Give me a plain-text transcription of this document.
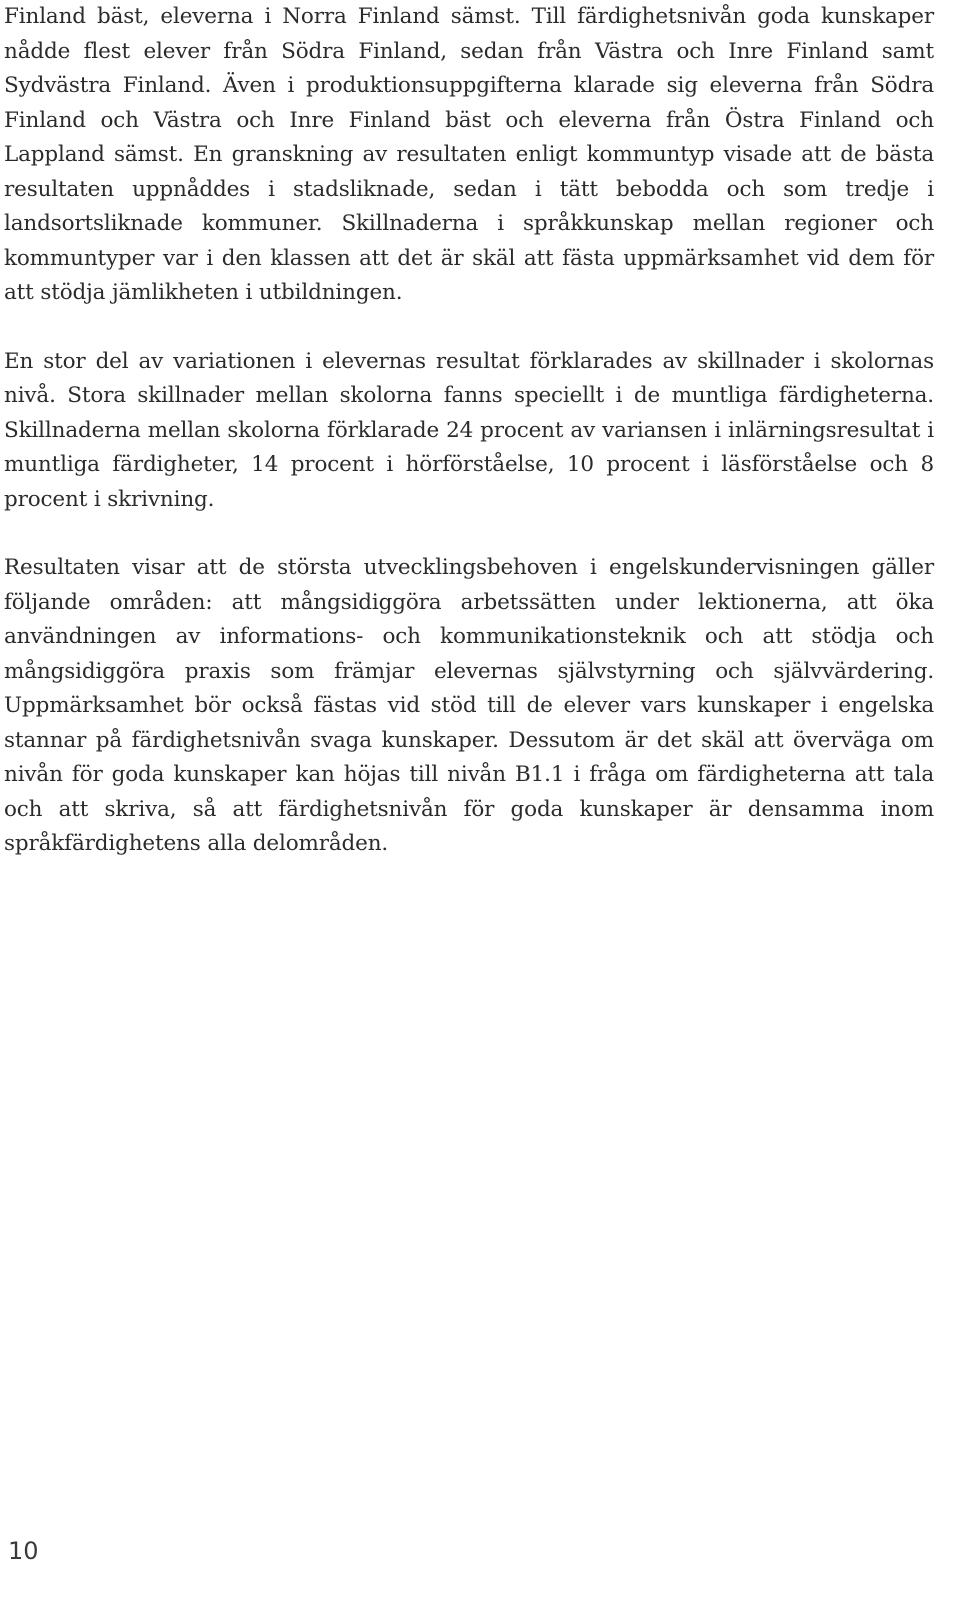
Finland bäst, eleverna i Norra Finland sämst. Till färdighetsnivån goda kunskaper nådde flest elever från Södra Finland, sedan från Västra och Inre Finland samt Sydvästra Finland. Även i produktionsuppgifterna klarade sig eleverna från Södra Finland och Västra och Inre Finland bäst och eleverna från Östra Finland och Lappland sämst. En granskning av resultaten enligt kommuntyp visade att de bästa resultaten uppnåddes i stadsliknade, sedan i tätt bebodda och som tredje i landsortsliknade kommuner. Skillnaderna i språkkunskap mellan regioner och kommuntyper var i den klassen att det är skäl att fästa uppmärksamhet vid dem för att stödja jämlikheten i utbildningen.

En stor del av variationen i elevernas resultat förklarades av skillnader i skolornas nivå. Stora skillnader mellan skolorna fanns speciellt i de muntliga färdigheterna. Skillnaderna mellan skolorna förklarade 24 procent av variansen i inlärningsresultat i muntliga färdigheter, 14 procent i hörförståelse, 10 procent i läsförståelse och 8 procent i skrivning.

Resultaten visar att de största utvecklingsbehoven i engelskundervisningen gäller följande områden: att mångsidiggöra arbetssätten under lektionerna, att öka användningen av informations- och kommunikationsteknik och att stödja och mångsidiggöra praxis som främjar elevernas självstyrning och självvärdering. Uppmärksamhet bör också fästas vid stöd till de elever vars kunskaper i engelska stannar på färdighetsnivån svaga kunskaper. Dessutom är det skäl att överväga om nivån för goda kunskaper kan höjas till nivån B1.1 i fråga om färdigheterna att tala och att skriva, så att färdighetsnivån för goda kunskaper är densamma inom språkfärdighetens alla delområden.

10
